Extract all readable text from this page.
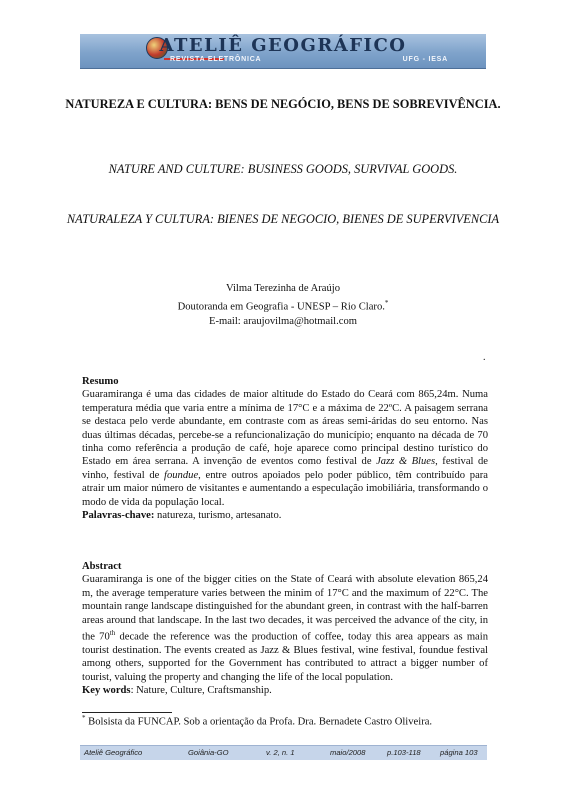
ATELIÊ GEOGRÁFICO
REVISTA ELETRÔNICA	UFG - IESA
NATUREZA E CULTURA: BENS DE NEGÓCIO, BENS DE SOBREVIVÊNCIA.
NATURE AND CULTURE: BUSINESS GOODS, SURVIVAL GOODS.
NATURALEZA Y CULTURA: BIENES DE NEGOCIO, BIENES DE SUPERVIVENCIA
Vilma Terezinha de Araújo
Doutoranda em Geografia - UNESP – Rio Claro.*
E-mail: araujovilma@hotmail.com
.
Resumo
Guaramiranga é uma das cidades de maior altitude do Estado do Ceará com 865,24m. Numa temperatura média que varia entre a mínima de 17°C e a máxima de 22ºC. A paisagem serrana se destaca pelo verde abundante, em contraste com as áreas semi-áridas do seu entorno. Nas duas últimas décadas, percebe-se a refuncionalização do município; enquanto na década de 70 tinha como referência a produção de café, hoje aparece como principal destino turístico do Estado em área serrana. A invenção de eventos como festival de Jazz & Blues, festival de vinho, festival de foundue, entre outros apoiados pelo poder público, têm contribuído para atrair um maior número de visitantes e aumentando a especulação imobiliária, transformando o modo de vida da população local.
Palavras-chave: natureza, turismo, artesanato.
Abstract
Guaramiranga is one of the bigger cities on the State of Ceará with absolute elevation 865,24 m, the average temperature varies between the minim of 17°C and the maximum of 22°C. The mountain range landscape distinguished for the abundant green, in contrast with the half-barren areas around that landscape. In the last two decades, it was perceived the advance of the city, in the 70th decade the reference was the production of coffee, today this area appears as main tourist destination. The events created as Jazz & Blues festival, wine festival, foundue festival among others, supported for the Government has contributed to attract a bigger number of tourist, valuing the property and changing the life of the local population.
Key words: Nature, Culture, Craftsmanship.
* Bolsista da FUNCAP. Sob a orientação da Profa. Dra. Bernadete Castro Oliveira.
Ateliê Geográfico	Goiânia-GO	v. 2, n. 1	maio/2008	p.103-118	página 103
